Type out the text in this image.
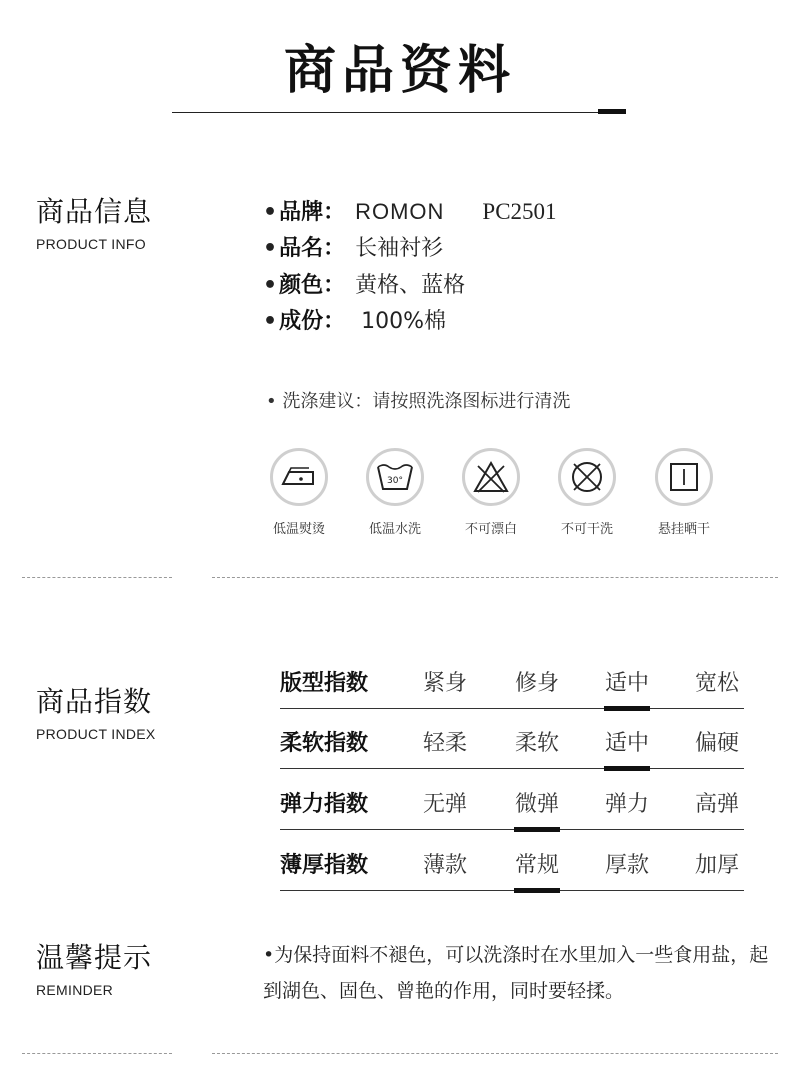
商品资料
商品信息
PRODUCT INFO
•品牌： ROMON PC2501
•品名： 长袖衬衫
•颜色： 黄格、蓝格
•成份： 100%棉
• 洗涤建议：请按照洗涤图标进行清洗
低温熨烫
30°
低温水洗	不可漂白	不可干洗	悬挂晒干
商品指数
PRODUCT INDEX
版型指数	紧身	修身	适中	宽松
柔软指数	轻柔	柔软	适中	偏硬
弹力指数	无弹	微弹	弹力	高弹
薄厚指数	薄款	常规	厚款	加厚
温馨提示
REMINDER
•为保持面料不褪色，可以洗涤时在水里加入一些食用盐，起到湖色、固色、曾艳的作用，同时要轻揉。
